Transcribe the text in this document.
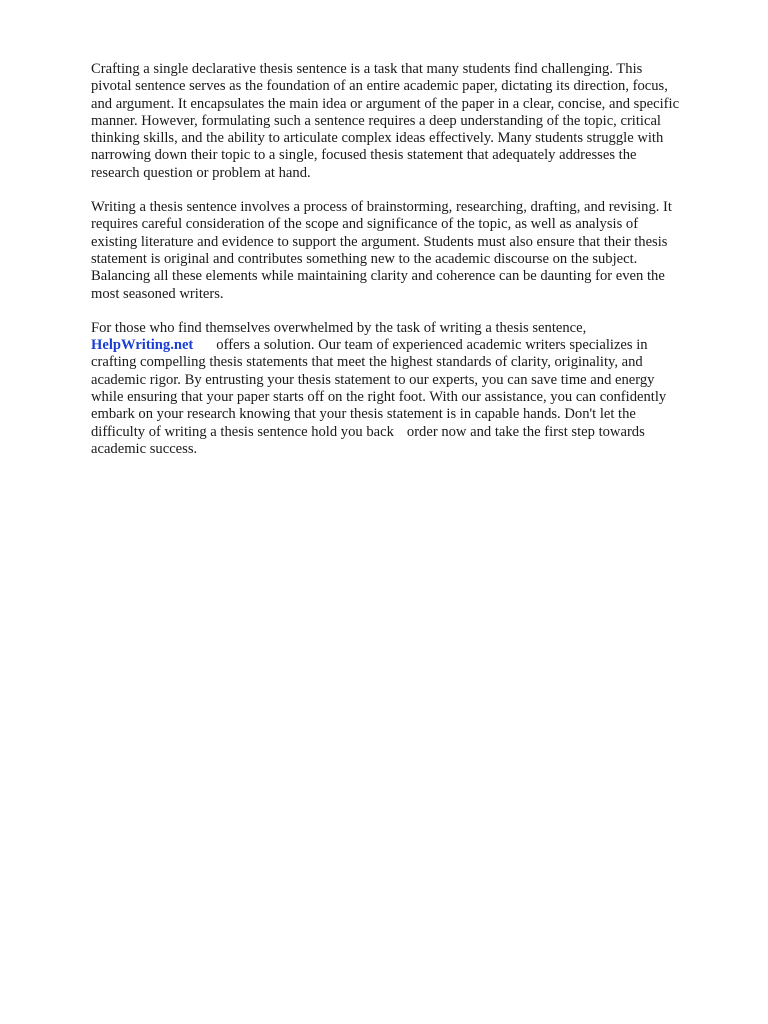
Crafting a single declarative thesis sentence is a task that many students find challenging. This
pivotal sentence serves as the foundation of an entire academic paper, dictating its direction, focus,
and argument. It encapsulates the main idea or argument of the paper in a clear, concise, and specific
manner. However, formulating such a sentence requires a deep understanding of the topic, critical
thinking skills, and the ability to articulate complex ideas effectively. Many students struggle with
narrowing down their topic to a single, focused thesis statement that adequately addresses the
research question or problem at hand.
Writing a thesis sentence involves a process of brainstorming, researching, drafting, and revising. It
requires careful consideration of the scope and significance of the topic, as well as analysis of
existing literature and evidence to support the argument. Students must also ensure that their thesis
statement is original and contributes something new to the academic discourse on the subject.
Balancing all these elements while maintaining clarity and coherence can be daunting for even the
most seasoned writers.
For those who find themselves overwhelmed by the task of writing a thesis sentence,
HelpWriting.net offers a solution. Our team of experienced academic writers specializes in
crafting compelling thesis statements that meet the highest standards of clarity, originality, and
academic rigor. By entrusting your thesis statement to our experts, you can save time and energy
while ensuring that your paper starts off on the right foot. With our assistance, you can confidently
embark on your research knowing that your thesis statement is in capable hands. Don't let the
difficulty of writing a thesis sentence hold you back order now and take the first step towards
academic success.
